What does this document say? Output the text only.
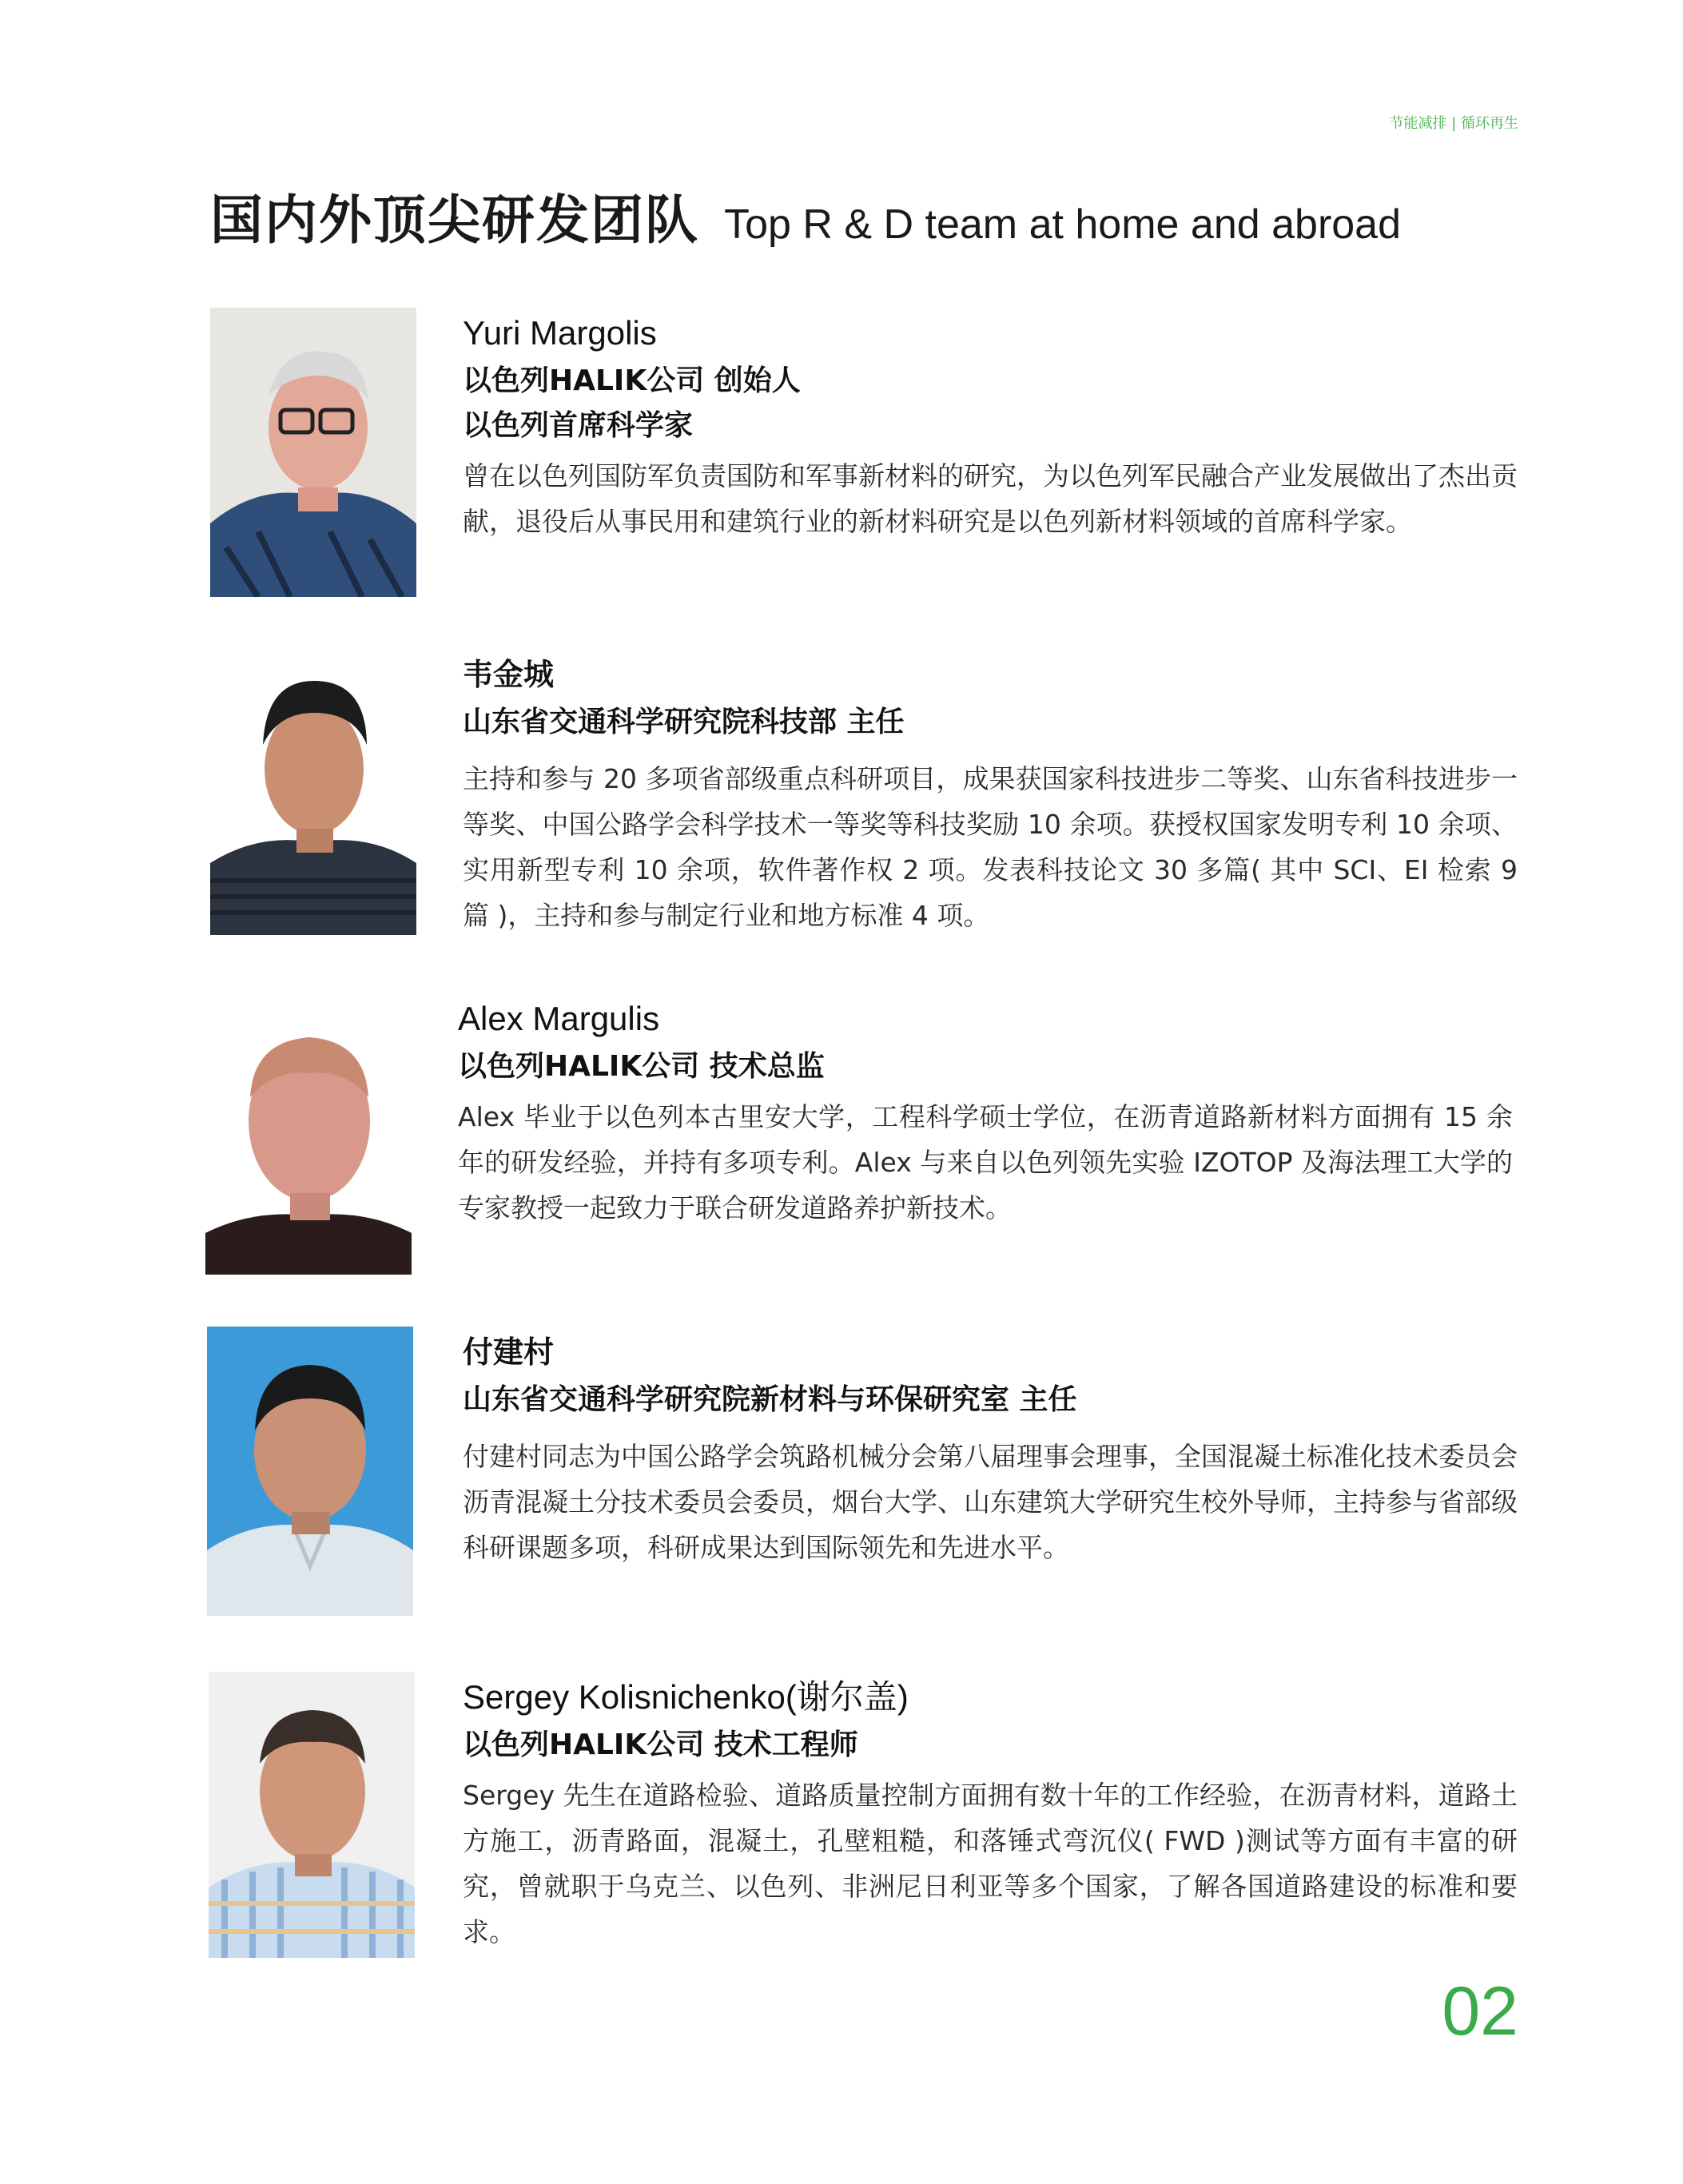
节能减排 | 循环再生
国内外顶尖研发团队 Top R & D team at home and abroad
Yuri Margolis
以色列HALIK公司 创始人
以色列首席科学家
曾在以色列国防军负责国防和军事新材料的研究，为以色列军民融合产业发展做出了杰出贡献，退役后从事民用和建筑行业的新材料研究是以色列新材料领域的首席科学家。
韦金城
山东省交通科学研究院科技部 主任
主持和参与 20 多项省部级重点科研项目，成果获国家科技进步二等奖、山东省科技进步一等奖、中国公路学会科学技术一等奖等科技奖励 10 余项。获授权国家发明专利 10 余项、实用新型专利 10 余项，软件著作权 2 项。发表科技论文 30 多篇( 其中 SCI、EI 检索 9 篇 )，主持和参与制定行业和地方标准 4 项。
Alex Margulis
以色列HALIK公司 技术总监
Alex 毕业于以色列本古里安大学，工程科学硕士学位，在沥青道路新材料方面拥有 15 余年的研发经验，并持有多项专利。Alex 与来自以色列领先实验 IZOTOP 及海法理工大学的专家教授一起致力于联合研发道路养护新技术。
付建村
山东省交通科学研究院新材料与环保研究室 主任
付建村同志为中国公路学会筑路机械分会第八届理事会理事，全国混凝土标准化技术委员会沥青混凝土分技术委员会委员，烟台大学、山东建筑大学研究生校外导师，主持参与省部级科研课题多项，科研成果达到国际领先和先进水平。
Sergey Kolisnichenko(谢尔盖)
以色列HALIK公司 技术工程师
Sergey 先生在道路检验、道路质量控制方面拥有数十年的工作经验，在沥青材料，道路土方施工，沥青路面，混凝土，孔壁粗糙，和落锤式弯沉仪( FWD )测试等方面有丰富的研究，曾就职于乌克兰、以色列、非洲尼日利亚等多个国家，了解各国道路建设的标准和要求。
02
